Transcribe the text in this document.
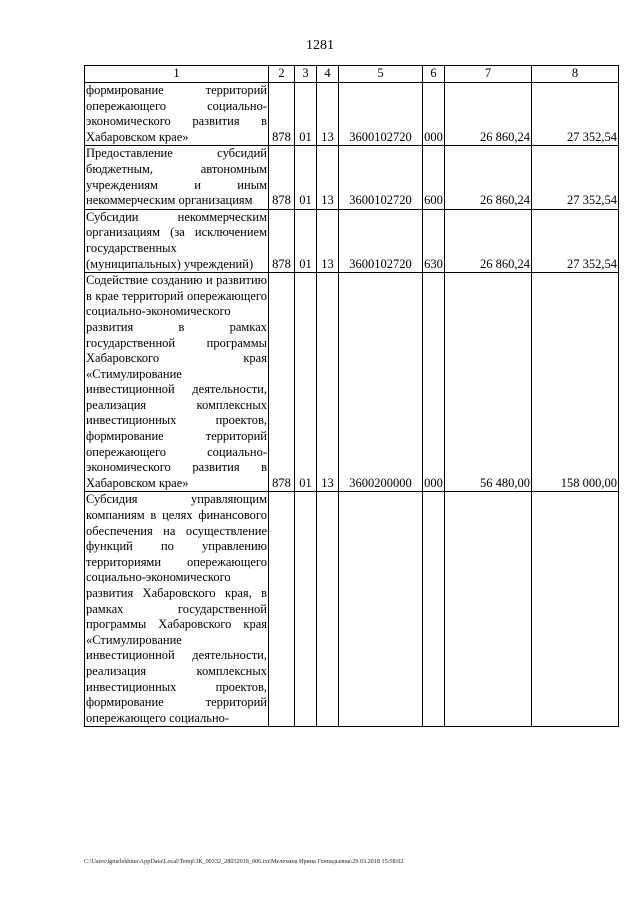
1281
1	2	3	4	5	6	7	8
формирование территорий опережающего социально-экономического развития в Хабаровском крае»	878	01	13	3600102720	000	26 860,24	27 352,54
Предоставление субсидий бюджетным, автономным учреждениям и иным некоммерческим организациям	878	01	13	3600102720	600	26 860,24	27 352,54
Субсидии некоммерческим организациям (за исключением государственных (муниципальных) учреждений)	878	01	13	3600102720	630	26 860,24	27 352,54
Содействие созданию и развитию в крае территорий опережающего социально-экономического развития в рамках государственной программы Хабаровского края «Стимулирование инвестиционной деятельности, реализация комплексных инвестиционных проектов, формирование территорий опережающего социально-экономического развития в Хабаровском крае»	878	01	13	3600200000	000	56 480,00	158 000,00
Субсидия управляющим компаниям в целях финансового обеспечения на осуществление функций по управлению территориями опережающего социально-экономического развития Хабаровского края, в рамках государственной программы Хабаровского края «Стимулирование инвестиционной деятельности, реализация комплексных инвестиционных проектов, формирование территорий опережающего социально-							
C:\Users\igmelekhina\AppData\Local\Temp\ЗК_00332_28032018_006.txt\Мелехина Ирина Геннадьевна\29.03.2018 15:58:02
